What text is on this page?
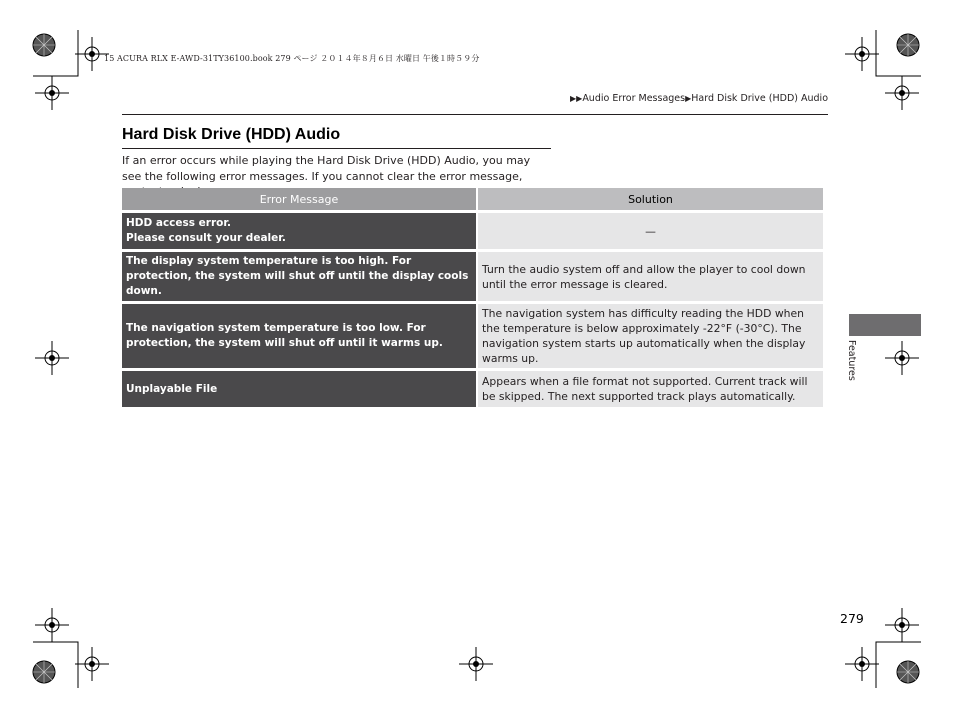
15 ACURA RLX E-AWD-31TY36100.book 279 ページ ２０１４年８月６日 水曜日 午後１時５９分
▶▶Audio Error Messages▶Hard Disk Drive (HDD) Audio
Hard Disk Drive (HDD) Audio
If an error occurs while playing the Hard Disk Drive (HDD) Audio, you may see the following error messages. If you cannot clear the error message,
Error Message	Solution
HDD access error.
Please consult your dealer.	—
The display system temperature is too high. For protection, the system will shut off until the display cools down.	Turn the audio system off and allow the player to cool down until the error message is cleared.
The navigation system temperature is too low. For protection, the system will shut off until it warms up.	The navigation system has difficulty reading the HDD when the temperature is below approximately -22°F (-30°C). The navigation system starts up automatically when the display warms up.
Unplayable File	Appears when a file format not supported. Current track will be skipped. The next supported track plays automatically.
Features
279
